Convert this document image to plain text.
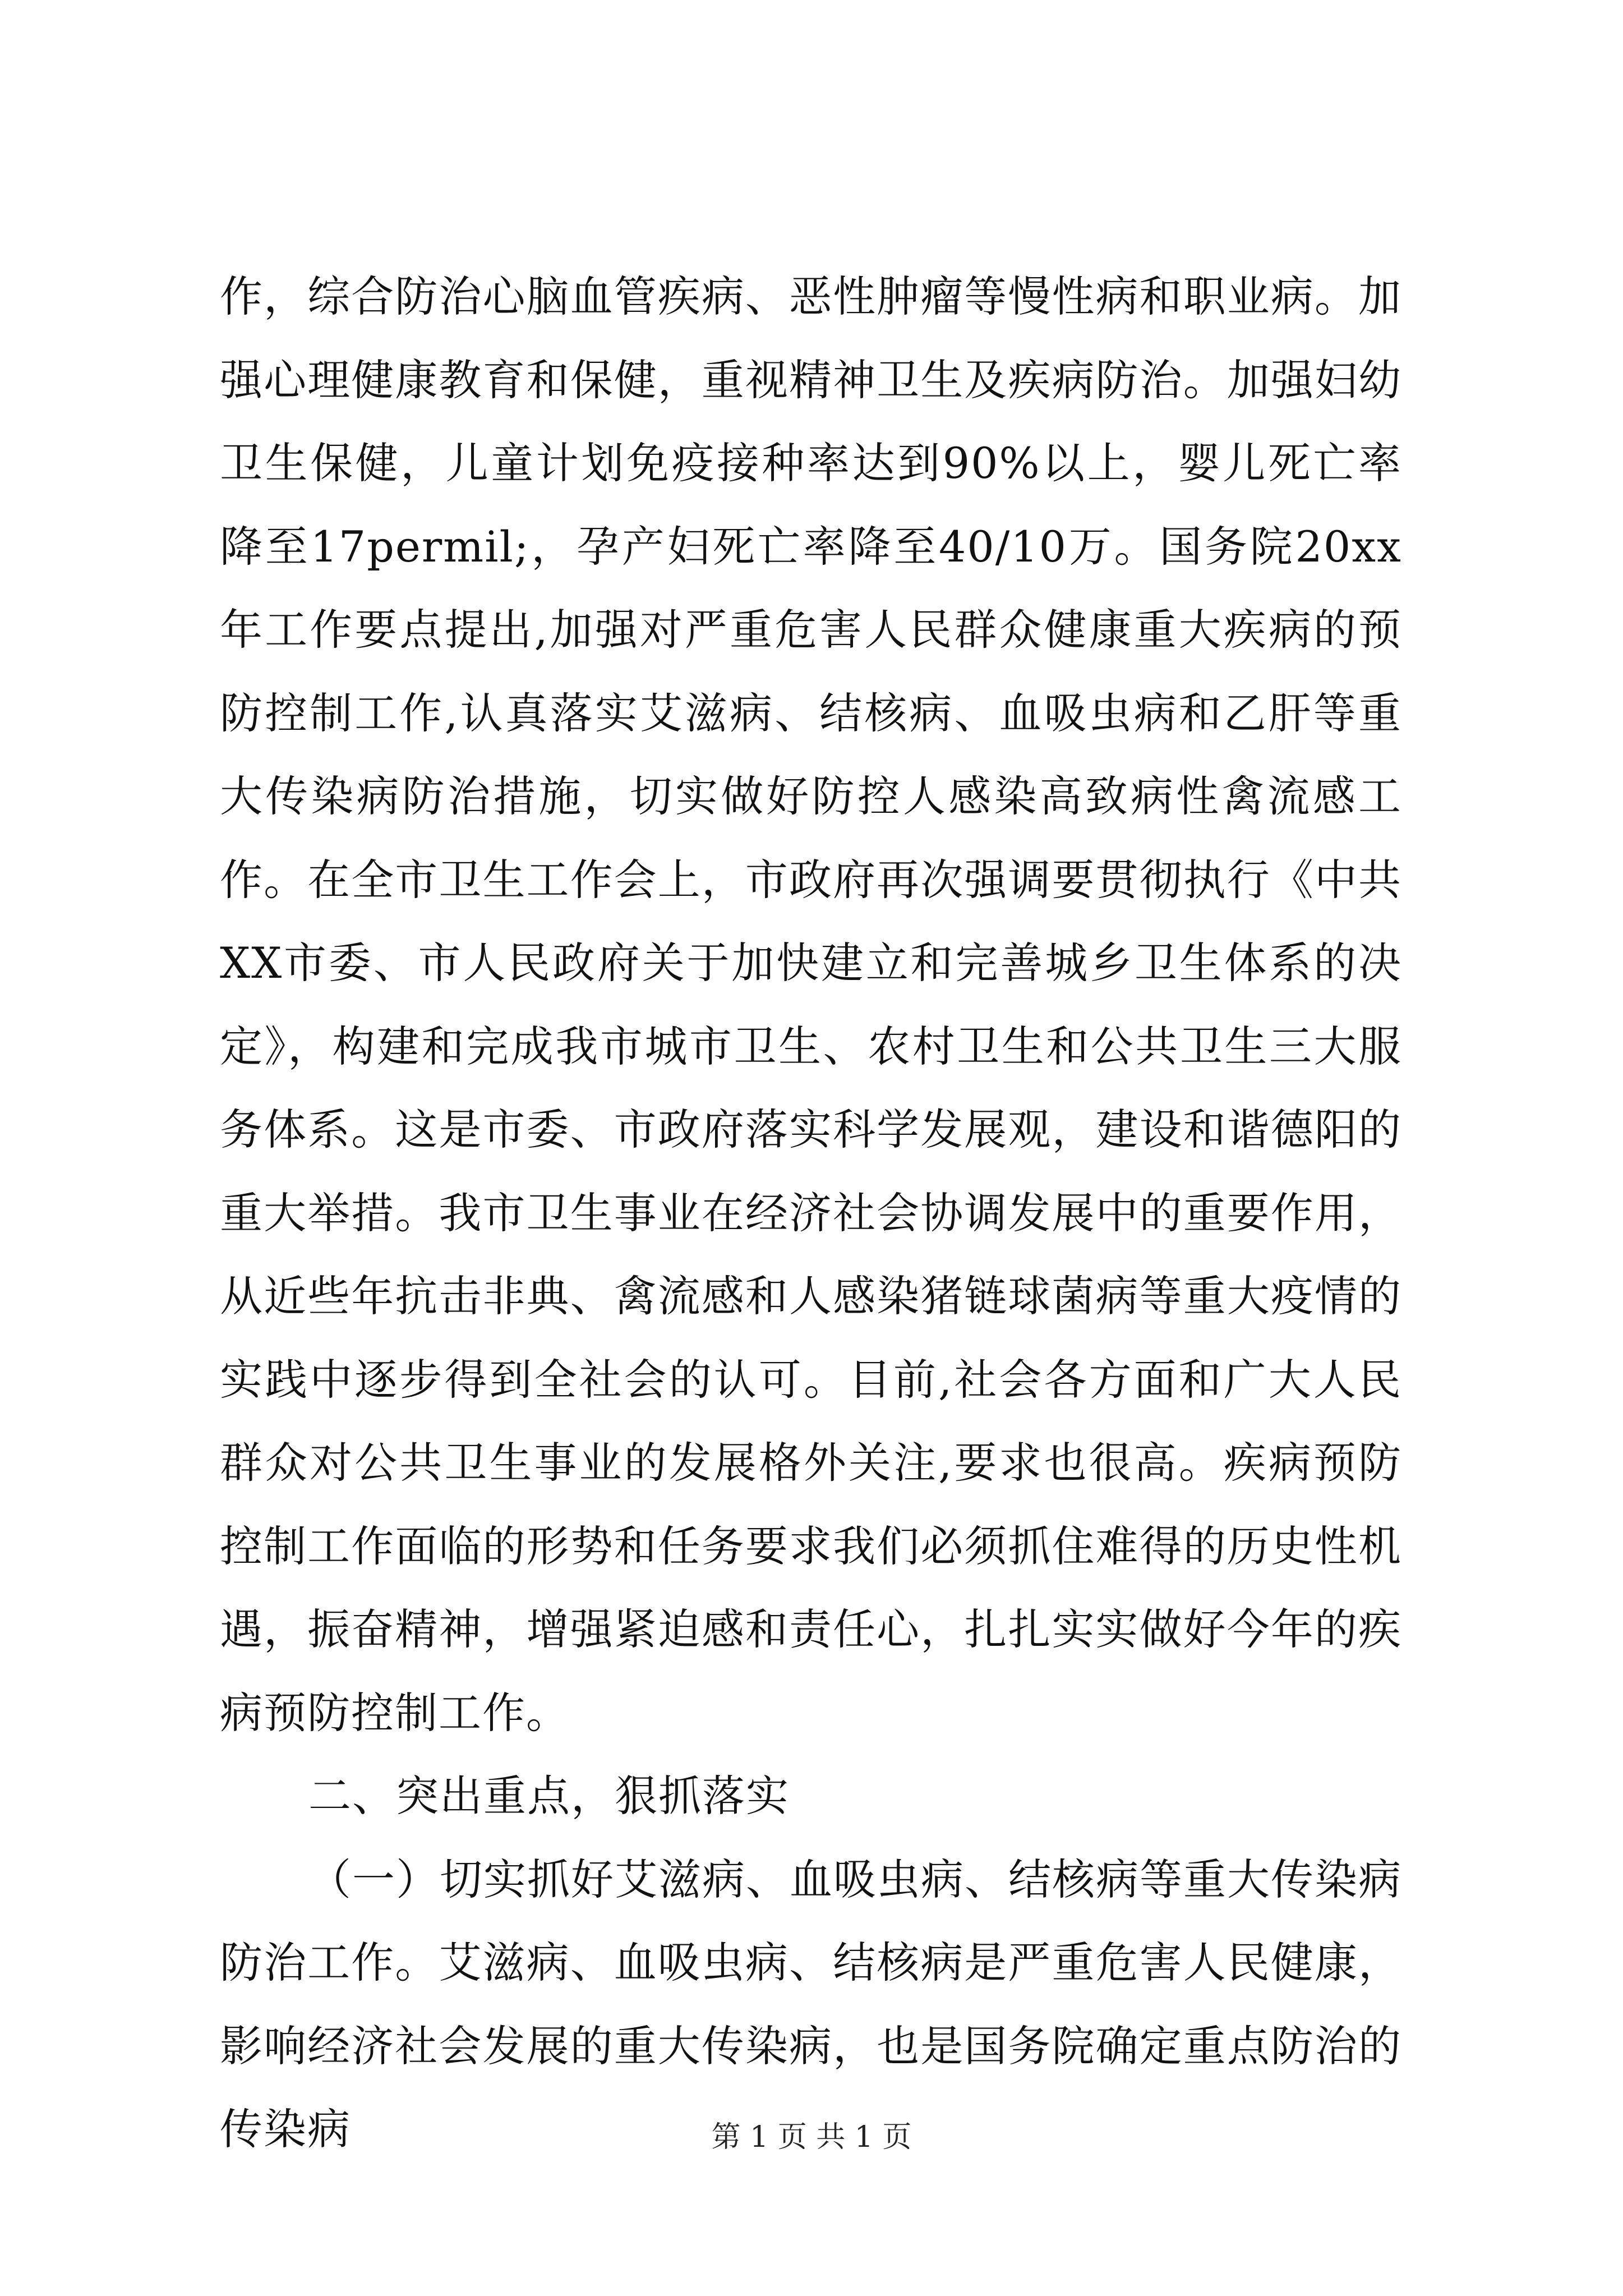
作，综合防治心脑血管疾病、恶性肿瘤等慢性病和职业病。加强心理健康教育和保健，重视精神卫生及疾病防治。加强妇幼卫生保健，儿童计划免疫接种率达到90%以上，婴儿死亡率降至17permil;，孕产妇死亡率降至40/10万。国务院20xx年工作要点提出,加强对严重危害人民群众健康重大疾病的预防控制工作,认真落实艾滋病、结核病、血吸虫病和乙肝等重大传染病防治措施，切实做好防控人感染高致病性禽流感工作。在全市卫生工作会上，市政府再次强调要贯彻执行《中共XX市委、市人民政府关于加快建立和完善城乡卫生体系的决定》，构建和完成我市城市卫生、农村卫生和公共卫生三大服务体系。这是市委、市政府落实科学发展观，建设和谐德阳的重大举措。我市卫生事业在经济社会协调发展中的重要作用，从近些年抗击非典、禽流感和人感染猪链球菌病等重大疫情的实践中逐步得到全社会的认可。目前,社会各方面和广大人民群众对公共卫生事业的发展格外关注,要求也很高。疾病预防控制工作面临的形势和任务要求我们必须抓住难得的历史性机遇，振奋精神，增强紧迫感和责任心，扎扎实实做好今年的疾病预防控制工作。

二、突出重点，狠抓落实

（一）切实抓好艾滋病、血吸虫病、结核病等重大传染病防治工作。艾滋病、血吸虫病、结核病是严重危害人民健康，影响经济社会发展的重大传染病，也是国务院确定重点防治的传染病	第 1 页 共 1 页
